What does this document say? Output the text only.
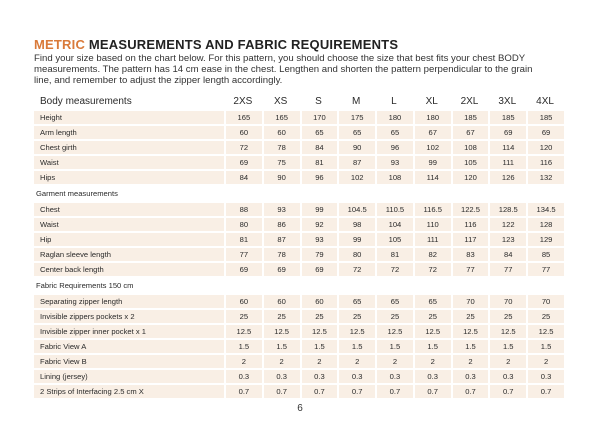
METRIC MEASUREMENTS AND FABRIC REQUIREMENTS
Find your size based on the chart below. For this pattern, you should choose the size that best fits your chest BODY
measurements. The pattern has 14 cm ease in the chest. Lengthen and shorten the pattern perpendicular to the grain
line, and remember to adjust the zipper length accordingly.
Body measurements	2XS	XS	S	M	L	XL	2XL	3XL	4XL
Height	165	165	170	175	180	180	185	185	185
Arm length	60	60	65	65	65	67	67	69	69
Chest girth	72	78	84	90	96	102	108	114	120
Waist	69	75	81	87	93	99	105	111	116
Hips	84	90	96	102	108	114	120	126	132
Garment measurements									
Chest	88	93	99	104.5	110.5	116.5	122.5	128.5	134.5
Waist	80	86	92	98	104	110	116	122	128
Hip	81	87	93	99	105	111	117	123	129
Raglan sleeve length	77	78	79	80	81	82	83	84	85
Center back length	69	69	69	72	72	72	77	77	77
Fabric Requirements 150 cm									
Separating zipper length	60	60	60	65	65	65	70	70	70
Invisible zippers pockets x 2	25	25	25	25	25	25	25	25	25
Invisible zipper inner pocket x 1	12.5	12.5	12.5	12.5	12.5	12.5	12.5	12.5	12.5
Fabric View A	1.5	1.5	1.5	1.5	1.5	1.5	1.5	1.5	1.5
Fabric View B	2	2	2	2	2	2	2	2	2
Lining (jersey)	0.3	0.3	0.3	0.3	0.3	0.3	0.3	0.3	0.3
2 Strips of Interfacing 2.5 cm X	0.7	0.7	0.7	0.7	0.7	0.7	0.7	0.7	0.7
6
